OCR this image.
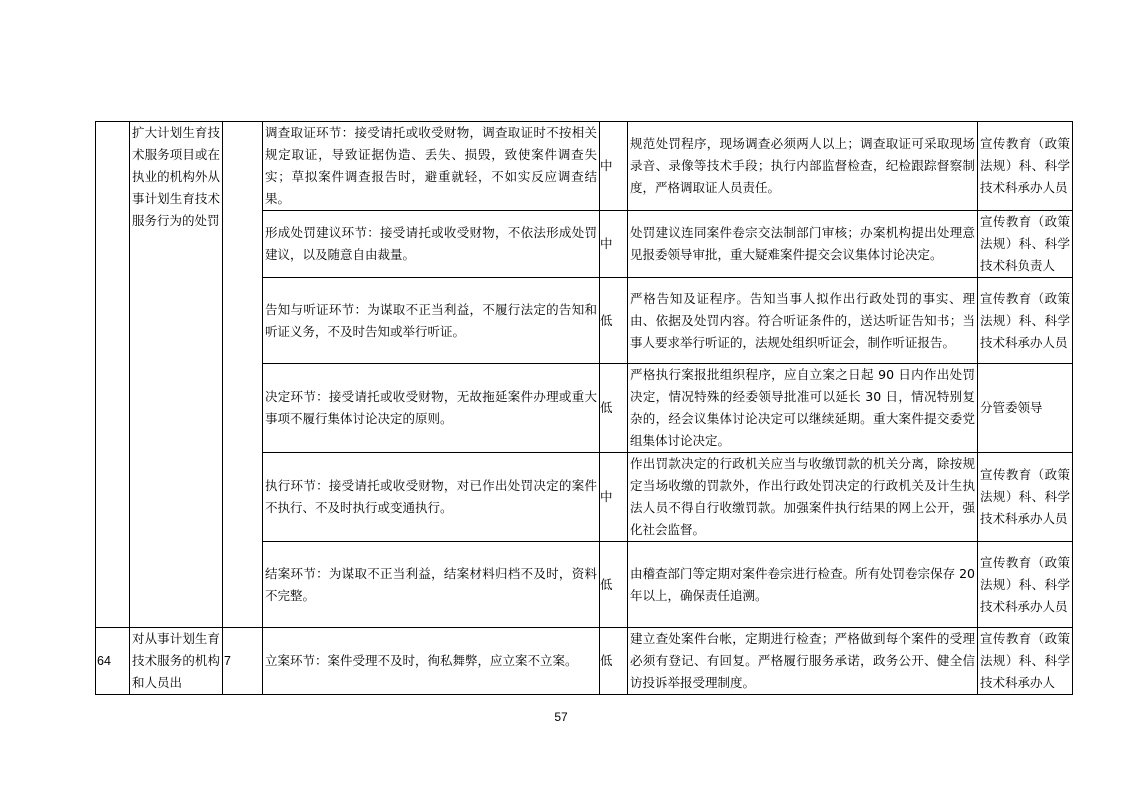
	扩大计划生育技术服务项目或在执业的机构外从事计划生育技术服务行为的处罚		调查取证环节：接受请托或收受财物，调查取证时不按相关规定取证，导致证据伪造、丢失、损毁，致使案件调查失实；草拟案件调查报告时，避重就轻，不如实反应调查结果。	中	规范处罚程序，现场调查必须两人以上；调查取证可采取现场录音、录像等技术手段；执行内部监督检查，纪检跟踪督察制度，严格调取证人员责任。	宣传教育（政策法规）科、科学技术科承办人员
			形成处罚建议环节：接受请托或收受财物，不依法形成处罚建议，以及随意自由裁量。	中	处罚建议连同案件卷宗交法制部门审核；办案机构提出处理意见报委领导审批，重大疑难案件提交会议集体讨论决定。	宣传教育（政策法规）科、科学技术科负责人
			告知与听证环节：为谋取不正当利益，不履行法定的告知和听证义务，不及时告知或举行听证。	低	严格告知及证程序。告知当事人拟作出行政处罚的事实、理由、依据及处罚内容。符合听证条件的，送达听证告知书；当事人要求举行听证的，法规处组织听证会，制作听证报告。	宣传教育（政策法规）科、科学技术科承办人员
			决定环节：接受请托或收受财物，无故拖延案件办理或重大事项不履行集体讨论决定的原则。	低	严格执行案报批组织程序，应自立案之日起 90 日内作出处罚决定，情况特殊的经委领导批准可以延长 30 日，情况特别复杂的，经会议集体讨论决定可以继续延期。重大案件提交委党组集体讨论决定。	分管委领导
			执行环节：接受请托或收受财物，对已作出处罚决定的案件不执行、不及时执行或变通执行。	中	作出罚款决定的行政机关应当与收缴罚款的机关分离，除按规定当场收缴的罚款外，作出行政处罚决定的行政机关及计生执法人员不得自行收缴罚款。加强案件执行结果的网上公开，强化社会监督。	宣传教育（政策法规）科、科学技术科承办人员
			结案环节：为谋取不正当利益，结案材料归档不及时，资料不完整。	低	由稽查部门等定期对案件卷宗进行检查。所有处罚卷宗保存 20 年以上，确保责任追溯。	宣传教育（政策法规）科、科学技术科承办人员
64	对从事计划生育技术服务的机构和人员出	7	立案环节：案件受理不及时，徇私舞弊，应立案不立案。	低	建立查处案件台帐，定期进行检查；严格做到每个案件的受理必须有登记、有回复。严格履行服务承诺，政务公开、健全信访投诉举报受理制度。	宣传教育（政策法规）科、科学技术科承办人
57
